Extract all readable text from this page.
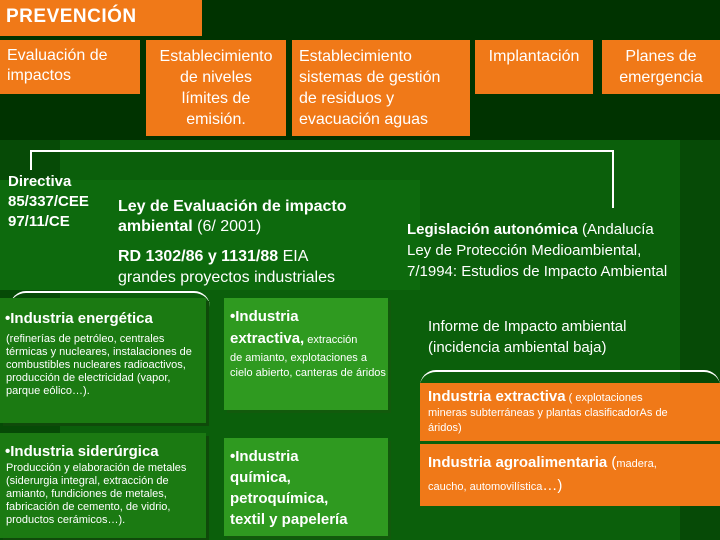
PREVENCIÓN
Evaluación de
impactos
Establecimiento
de niveles
límites de
emisión.
Establecimiento
sistemas de gestión
de residuos y
evacuación aguas
Implantación	Planes de
emergencia
Directiva
85/337/CEE
97/11/CE
Ley de Evaluación de impacto
ambiental (6/ 2001)
RD 1302/86 y 1131/88 EIA
grandes proyectos industriales
Legislación autonómica (Andalucía
Ley de Protección Medioambiental,
7/1994: Estudios de Impacto Ambiental
•Industria energética
(refinerías de petróleo, centrales térmicas y nucleares, instalaciones de combustibles nucleares radioactivos, producción de electricidad (vapor, parque eólico…).
•Industria siderúrgica
Producción y elaboración de metales (siderurgia integral, extracción de amianto, fundiciones de metales, fabricación de cemento, de vidrio, productos cerámicos…).
•Industria
extractiva, extracción
de amianto, explotaciones a cielo abierto, canteras de áridos
•Industria
química,
petroquímica,
textil y papelería
Informe de Impacto ambiental
(incidencia ambiental baja)
Industria extractiva ( explotaciones
mineras subterráneas y plantas clasificadorAs de
áridos)
Industria agroalimentaria (madera,
caucho, automovilística…)
